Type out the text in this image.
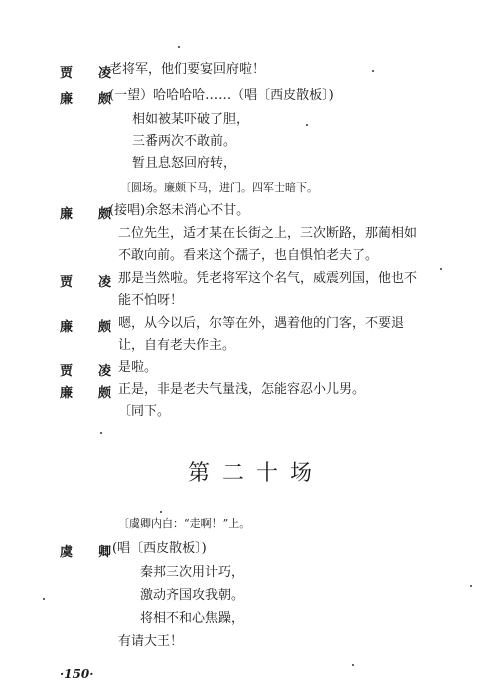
贾　凌
老将军，他们要宴回府啦！
廉　颇
(一望）哈哈哈哈……（唱〔西皮散板〕)
相如被某吓破了胆，
三番两次不敢前。
暂且息怒回府转，
〔圆场。廉颇下马，进门。四军士暗下。
廉　颇
(接唱)余怒未消心不甘。
二位先生，适才某在长街之上，三次断路，那蔺相如
不敢向前。看来这个孺子，也自惧怕老夫了。
贾　凌 那是当然啦。凭老将军这个名气，威震列国，他也不
能不怕呀！
廉　颇 嗯，从今以后，尔等在外，遇着他的门客，不要退
让，自有老夫作主。
贾　凌 是啦。
廉　颇 正是，非是老夫气量浅，怎能容忍小儿男。
〔同下。
第二十场
〔虞卿内白：“走啊！”上。
虞　卿
(唱〔西皮散板〕)
秦邦三次用计巧，
激动齐国攻我朝。
将相不和心焦躁，
有请大王！
·150·
